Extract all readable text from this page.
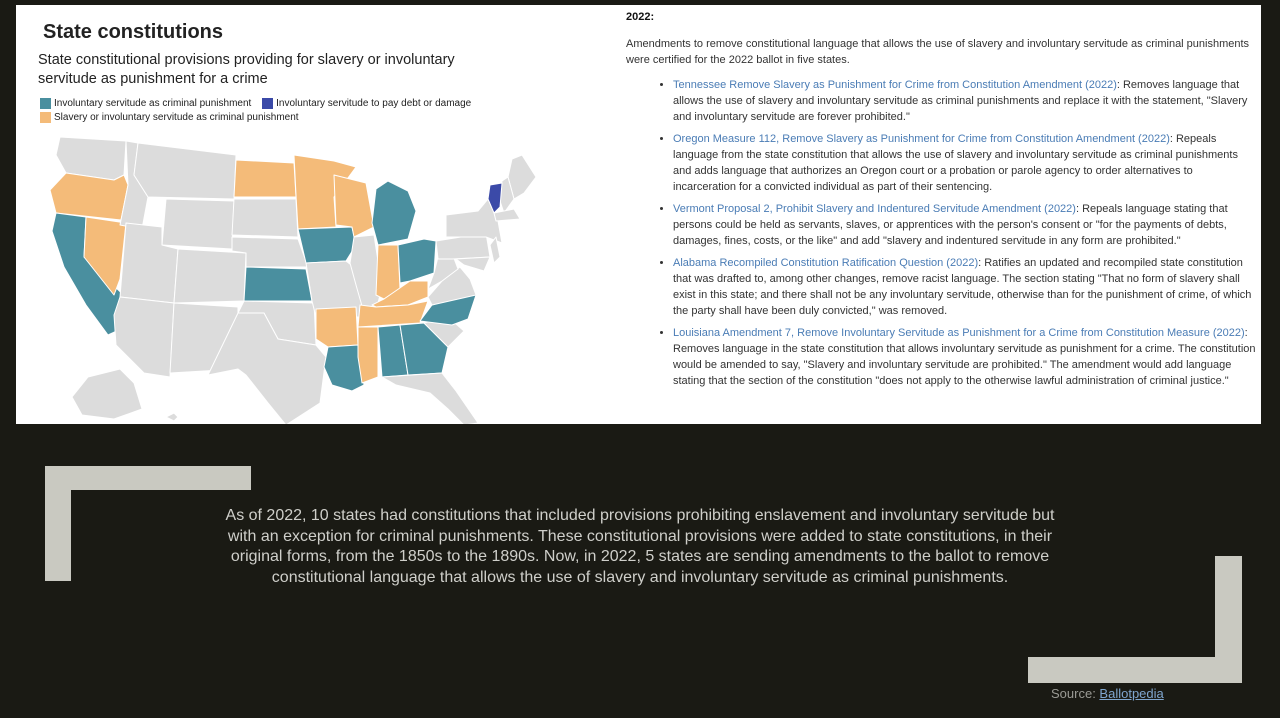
State constitutions

State constitutional provisions providing for slavery or involuntary servitude as punishment for a crime

Involuntary servitude as criminal punishment
Involuntary servitude to pay debt or damage

Slavery or involuntary servitude as criminal punishment

2022:

Amendments to remove constitutional language that allows the use of slavery and involuntary servitude as criminal punishments were certified for the 2022 ballot in five states.

• Tennessee Remove Slavery as Punishment for Crime from Constitution Amendment (2022): Removes language that allows the use of slavery and involuntary servitude as criminal punishments and replace it with the statement, "Slavery and involuntary servitude are forever prohibited."
• Oregon Measure 112, Remove Slavery as Punishment for Crime from Constitution Amendment (2022): Repeals language from the state constitution that allows the use of slavery and involuntary servitude as criminal punishments and adds language that authorizes an Oregon court or a probation or parole agency to order alternatives to incarceration for a convicted individual as part of their sentencing.
• Vermont Proposal 2, Prohibit Slavery and Indentured Servitude Amendment (2022): Repeals language stating that persons could be held as servants, slaves, or apprentices with the person's consent or "for the payments of debts, damages, fines, costs, or the like" and add "slavery and indentured servitude in any form are prohibited."
• Alabama Recompiled Constitution Ratification Question (2022): Ratifies an updated and recompiled state constitution that was drafted to, among other changes, remove racist language. The section stating "That no form of slavery shall exist in this state; and there shall not be any involuntary servitude, otherwise than for the punishment of crime, of which the party shall have been duly convicted," was removed.
• Louisiana Amendment 7, Remove Involuntary Servitude as Punishment for a Crime from Constitution Measure (2022): Removes language in the state constitution that allows involuntary servitude as punishment for a crime. The constitution would be amended to say, "Slavery and involuntary servitude are prohibited." The amendment would add language stating that the section of the constitution "does not apply to the otherwise lawful administration of criminal justice."

As of 2022, 10 states had constitutions that included provisions prohibiting enslavement and involuntary servitude but with an exception for criminal punishments. These constitutional provisions were added to state constitutions, in their original forms, from the 1850s to the 1890s. Now, in 2022, 5 states are sending amendments to the ballot to remove constitutional language that allows the use of slavery and involuntary servitude as criminal punishments.

Source: Ballotpedia
